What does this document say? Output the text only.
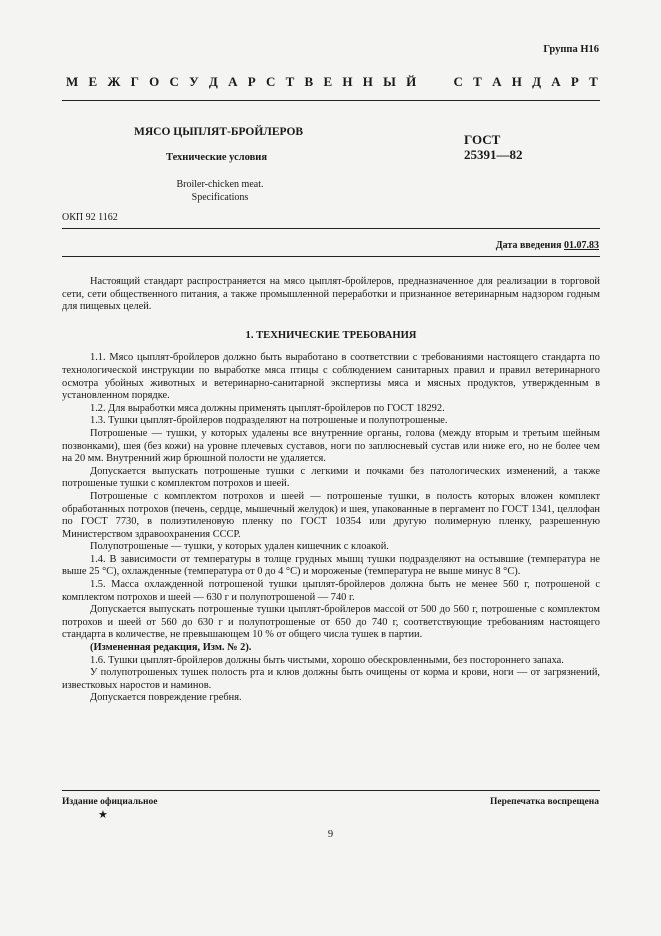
Группа Н16
М Е Ж Г О С У Д А Р С Т В Е Н Н Ы Й

	С Т А Н Д А Р Т
МЯСО ЦЫПЛЯТ-БРОЙЛЕРОВ
Технические условия
Broiler-chicken meat.
Specifications
ГОСТ
25391—82
ОКП 92 1162
Дата введения 01.07.83

Настоящий стандарт распространяется на мясо цыплят-бройлеров, предназначенное для реализации в торговой сети, сети общественного питания, а также промышленной переработки и признанное ветеринарным надзором годным для пищевых целей.

1. ТЕХНИЧЕСКИЕ ТРЕБОВАНИЯ

1.1. Мясо цыплят-бройлеров должно быть выработано в соответствии с требованиями настоящего стандарта по технологической инструкции по выработке мяса птицы с соблюдением санитарных правил и правил ветеринарного осмотра убойных животных и ветеринарно-санитарной экспертизы мяса и мясных продуктов, утвержденным в установленном порядке.

1.2. Для выработки мяса должны применять цыплят-бройлеров по ГОСТ 18292.

1.3. Тушки цыплят-бройлеров подразделяют на потрошеные и полупотрошеные.

Потрошеные — тушки, у которых удалены все внутренние органы, голова (между вторым и третьим шейным позвонками), шея (без кожи) на уровне плечевых суставов, ноги по заплюсневый сустав или ниже его, но не более чем на 20 мм. Внутренний жир брюшной полости не удаляется.

Допускается выпускать потрошеные тушки с легкими и почками без патологических изменений, а также потрошеные тушки с комплектом потрохов и шеей.

Потрошеные с комплектом потрохов и шеей — потрошеные тушки, в полость которых вложен комплект обработанных потрохов (печень, сердце, мышечный желудок) и шея, упакованные в пергамент по ГОСТ 1341, целлофан по ГОСТ 7730, в полиэтиленовую пленку по ГОСТ 10354 или другую полимерную пленку, разрешенную Министерством здравоохранения СССР.

Полупотрошеные — тушки, у которых удален кишечник с клоакой.

1.4. В зависимости от температуры в толще грудных мышц тушки подразделяют на остывшие (температура не выше 25 °С), охлажденные (температура от 0 до 4 °С) и мороженые (температура не выше минус 8 °С).

1.5. Масса охлажденной потрошеной тушки цыплят-бройлеров должна быть не менее 560 г, потрошеной с комплектом потрохов и шеей — 630 г и полупотрошеной — 740 г.

Допускается выпускать потрошеные тушки цыплят-бройлеров массой от 500 до 560 г, потрошеные с комплектом потрохов и шеей от 560 до 630 г и полупотрошеные от 650 до 740 г, соответствующие требованиям настоящего стандарта в количестве, не превышающем 10 % от общего числа тушек в партии.

(Измененная редакция, Изм. № 2).

1.6. Тушки цыплят-бройлеров должны быть чистыми, хорошо обескровленными, без постороннего запаха.

У полупотрошеных тушек полость рта и клюв должны быть очищены от корма и крови, ноги — от загрязнений, известковых наростов и наминов.

Допускается повреждение гребня.

Издание официальное
★
Перепечатка воспрещена
9
